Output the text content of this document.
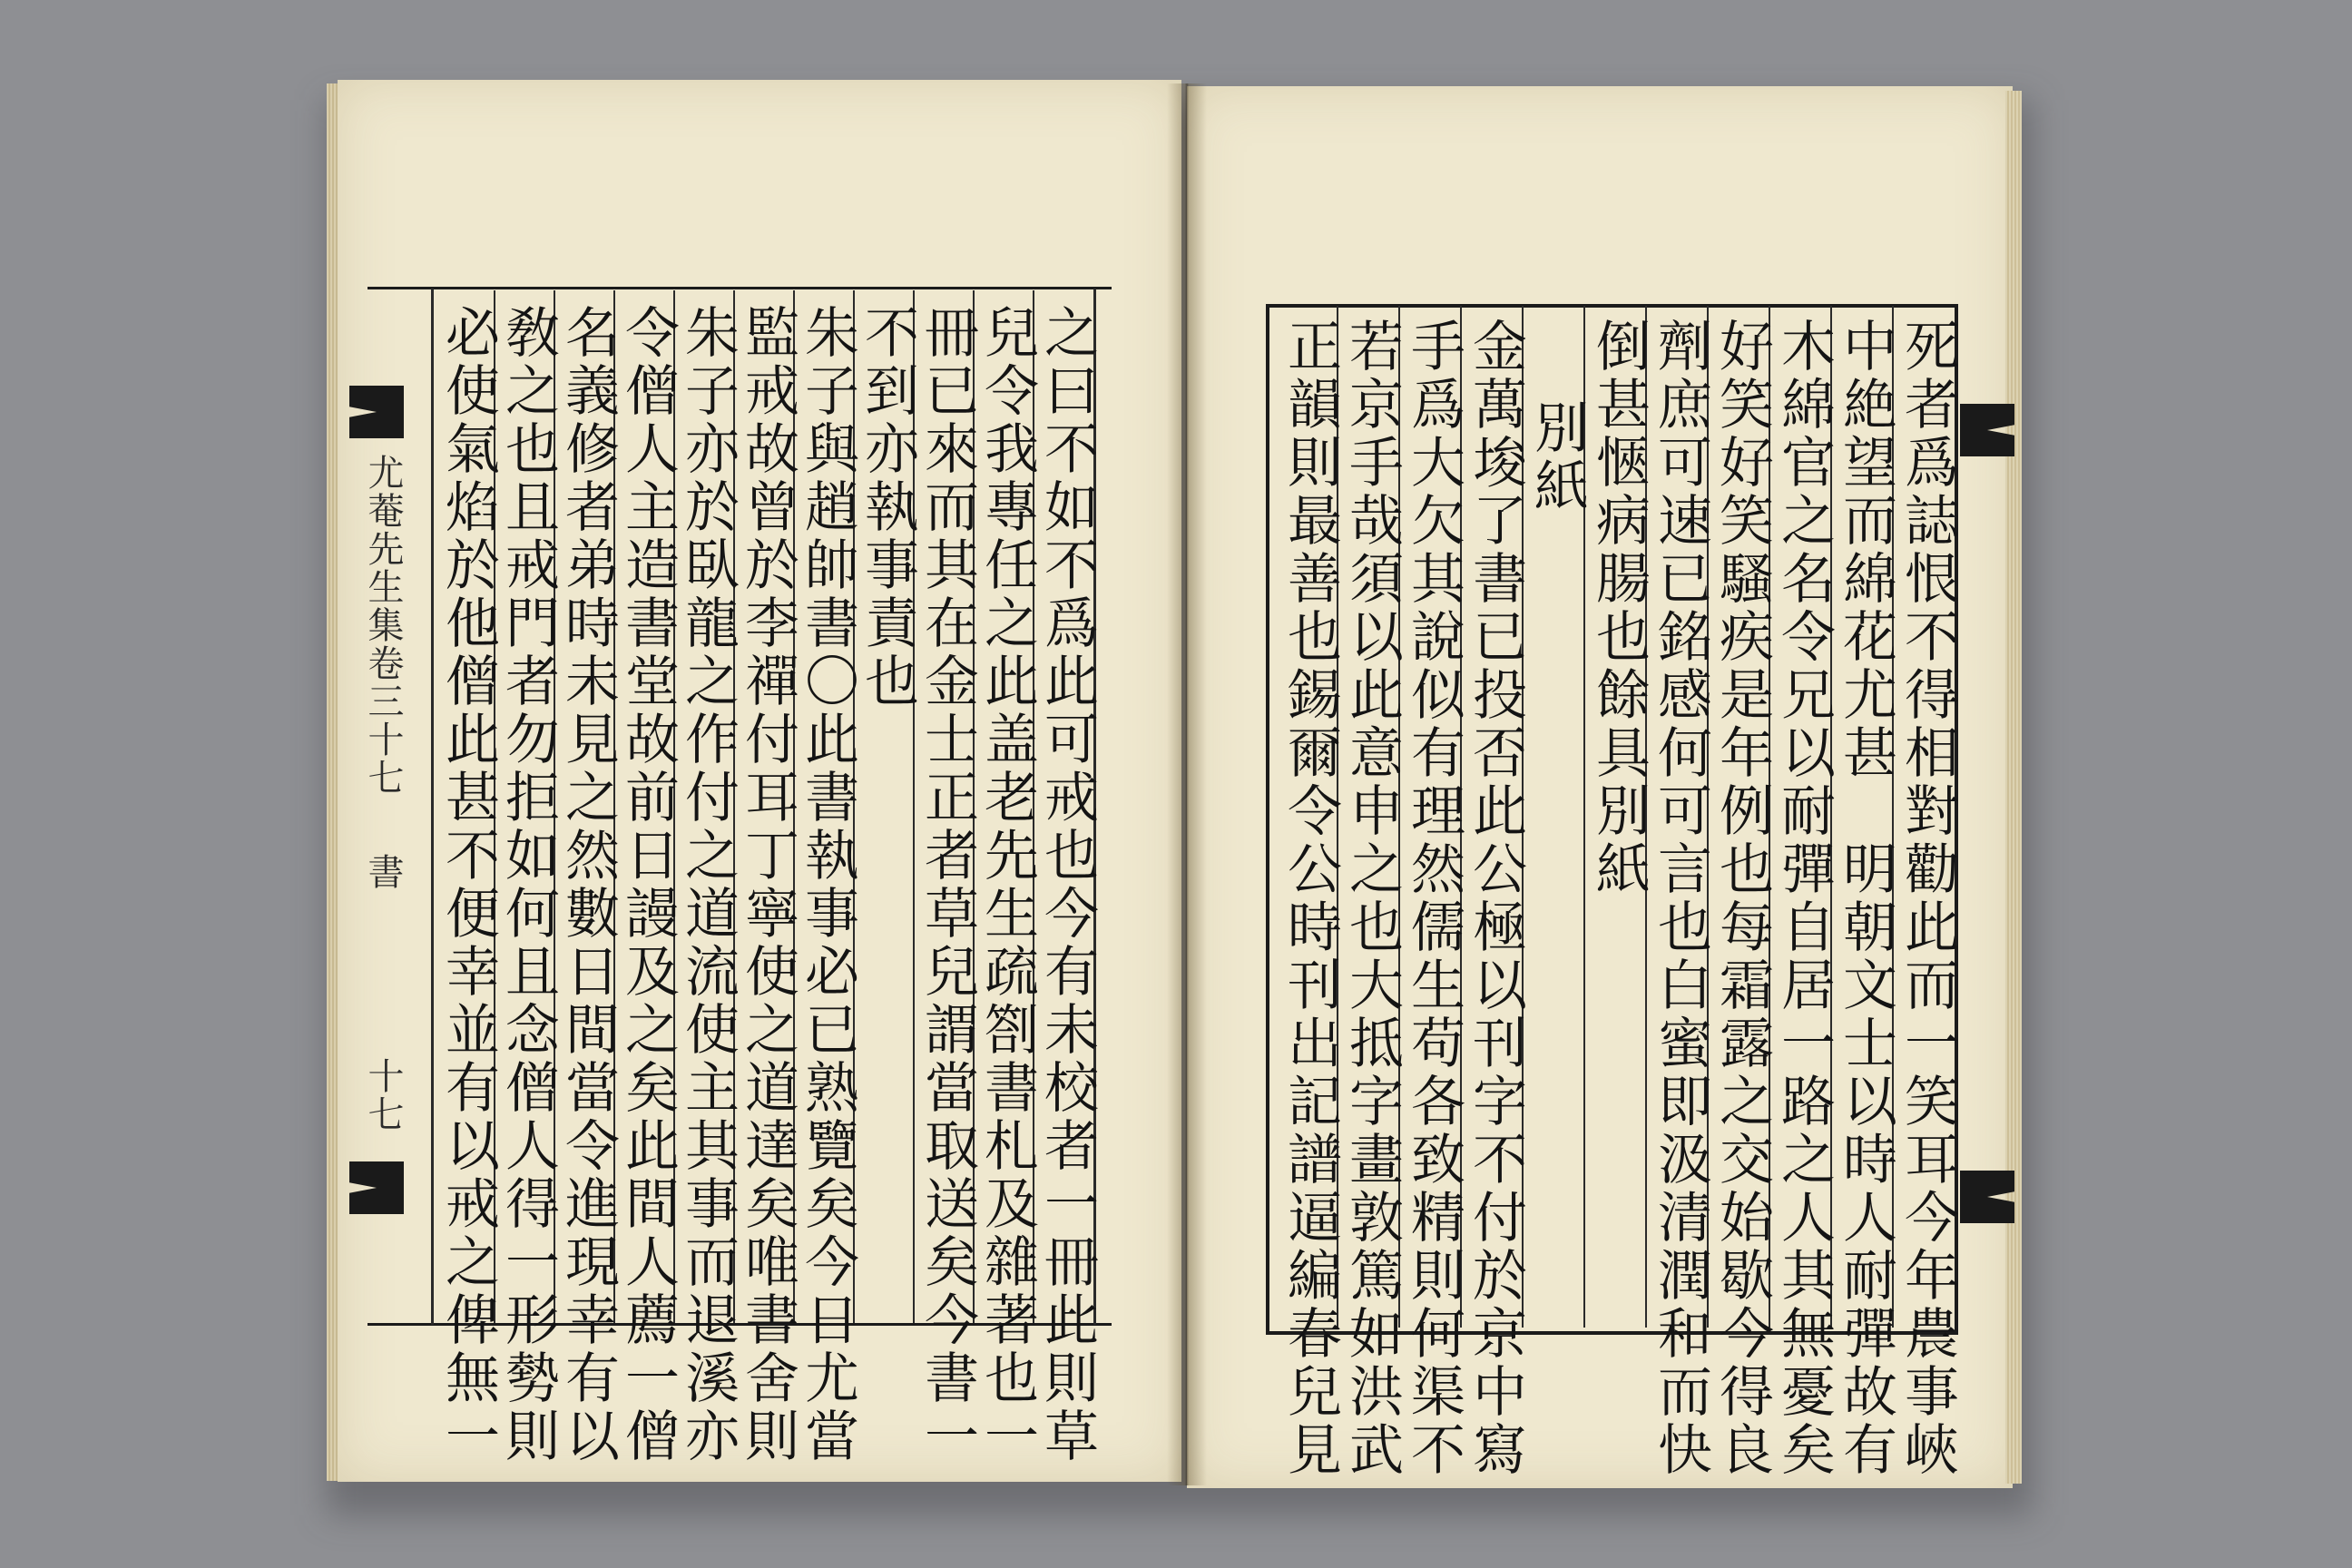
尤菴先生集卷三十七
書
十七	之曰不如不爲此可戒也今有未校者一冊此則草
兒令我專任之此盖老先生疏劄書札及雜著也一
冊已來而其在金士正者草兒謂當取送矣今書一
不到亦執事責也
朱子與趙帥書〇此書執事必已熟覽矣今日尤當
監戒故曾於李禪付耳丁寧使之道達矣唯書舍則
朱子亦於臥龍之作付之道流使主其事而退溪亦
令僧人主造書堂故前日謾及之矣此間人薦一僧
名義修者弟時未見之然數日間當令進現幸有以
敎之也且戒門者勿拒如何且念僧人得一形勢則
必使氣焰於他僧此甚不便幸並有以戒之俾無一	死者爲誌恨不得相對勸此而一笑耳今年農事峽
中絶望而綿花尤甚　明朝文士以時人耐彈故有
木綿官之名令兄以耐彈自居一路之人其無憂矣
好笑好笑騷疾是年例也每霜露之交始歇今得良
劑庶可速已銘感何可言也白蜜即汲清潤和而快
倒甚愜病腸也餘具別紙
別紙
金萬埈了書已投否此公極以刊字不付於京中寫
手爲大欠其說似有理然儒生苟各致精則何渠不
若京手哉須以此意申之也大抵字畫敦篤如洪武
正韻則最善也錫爾令公時刊出記譜逼編春兒見
